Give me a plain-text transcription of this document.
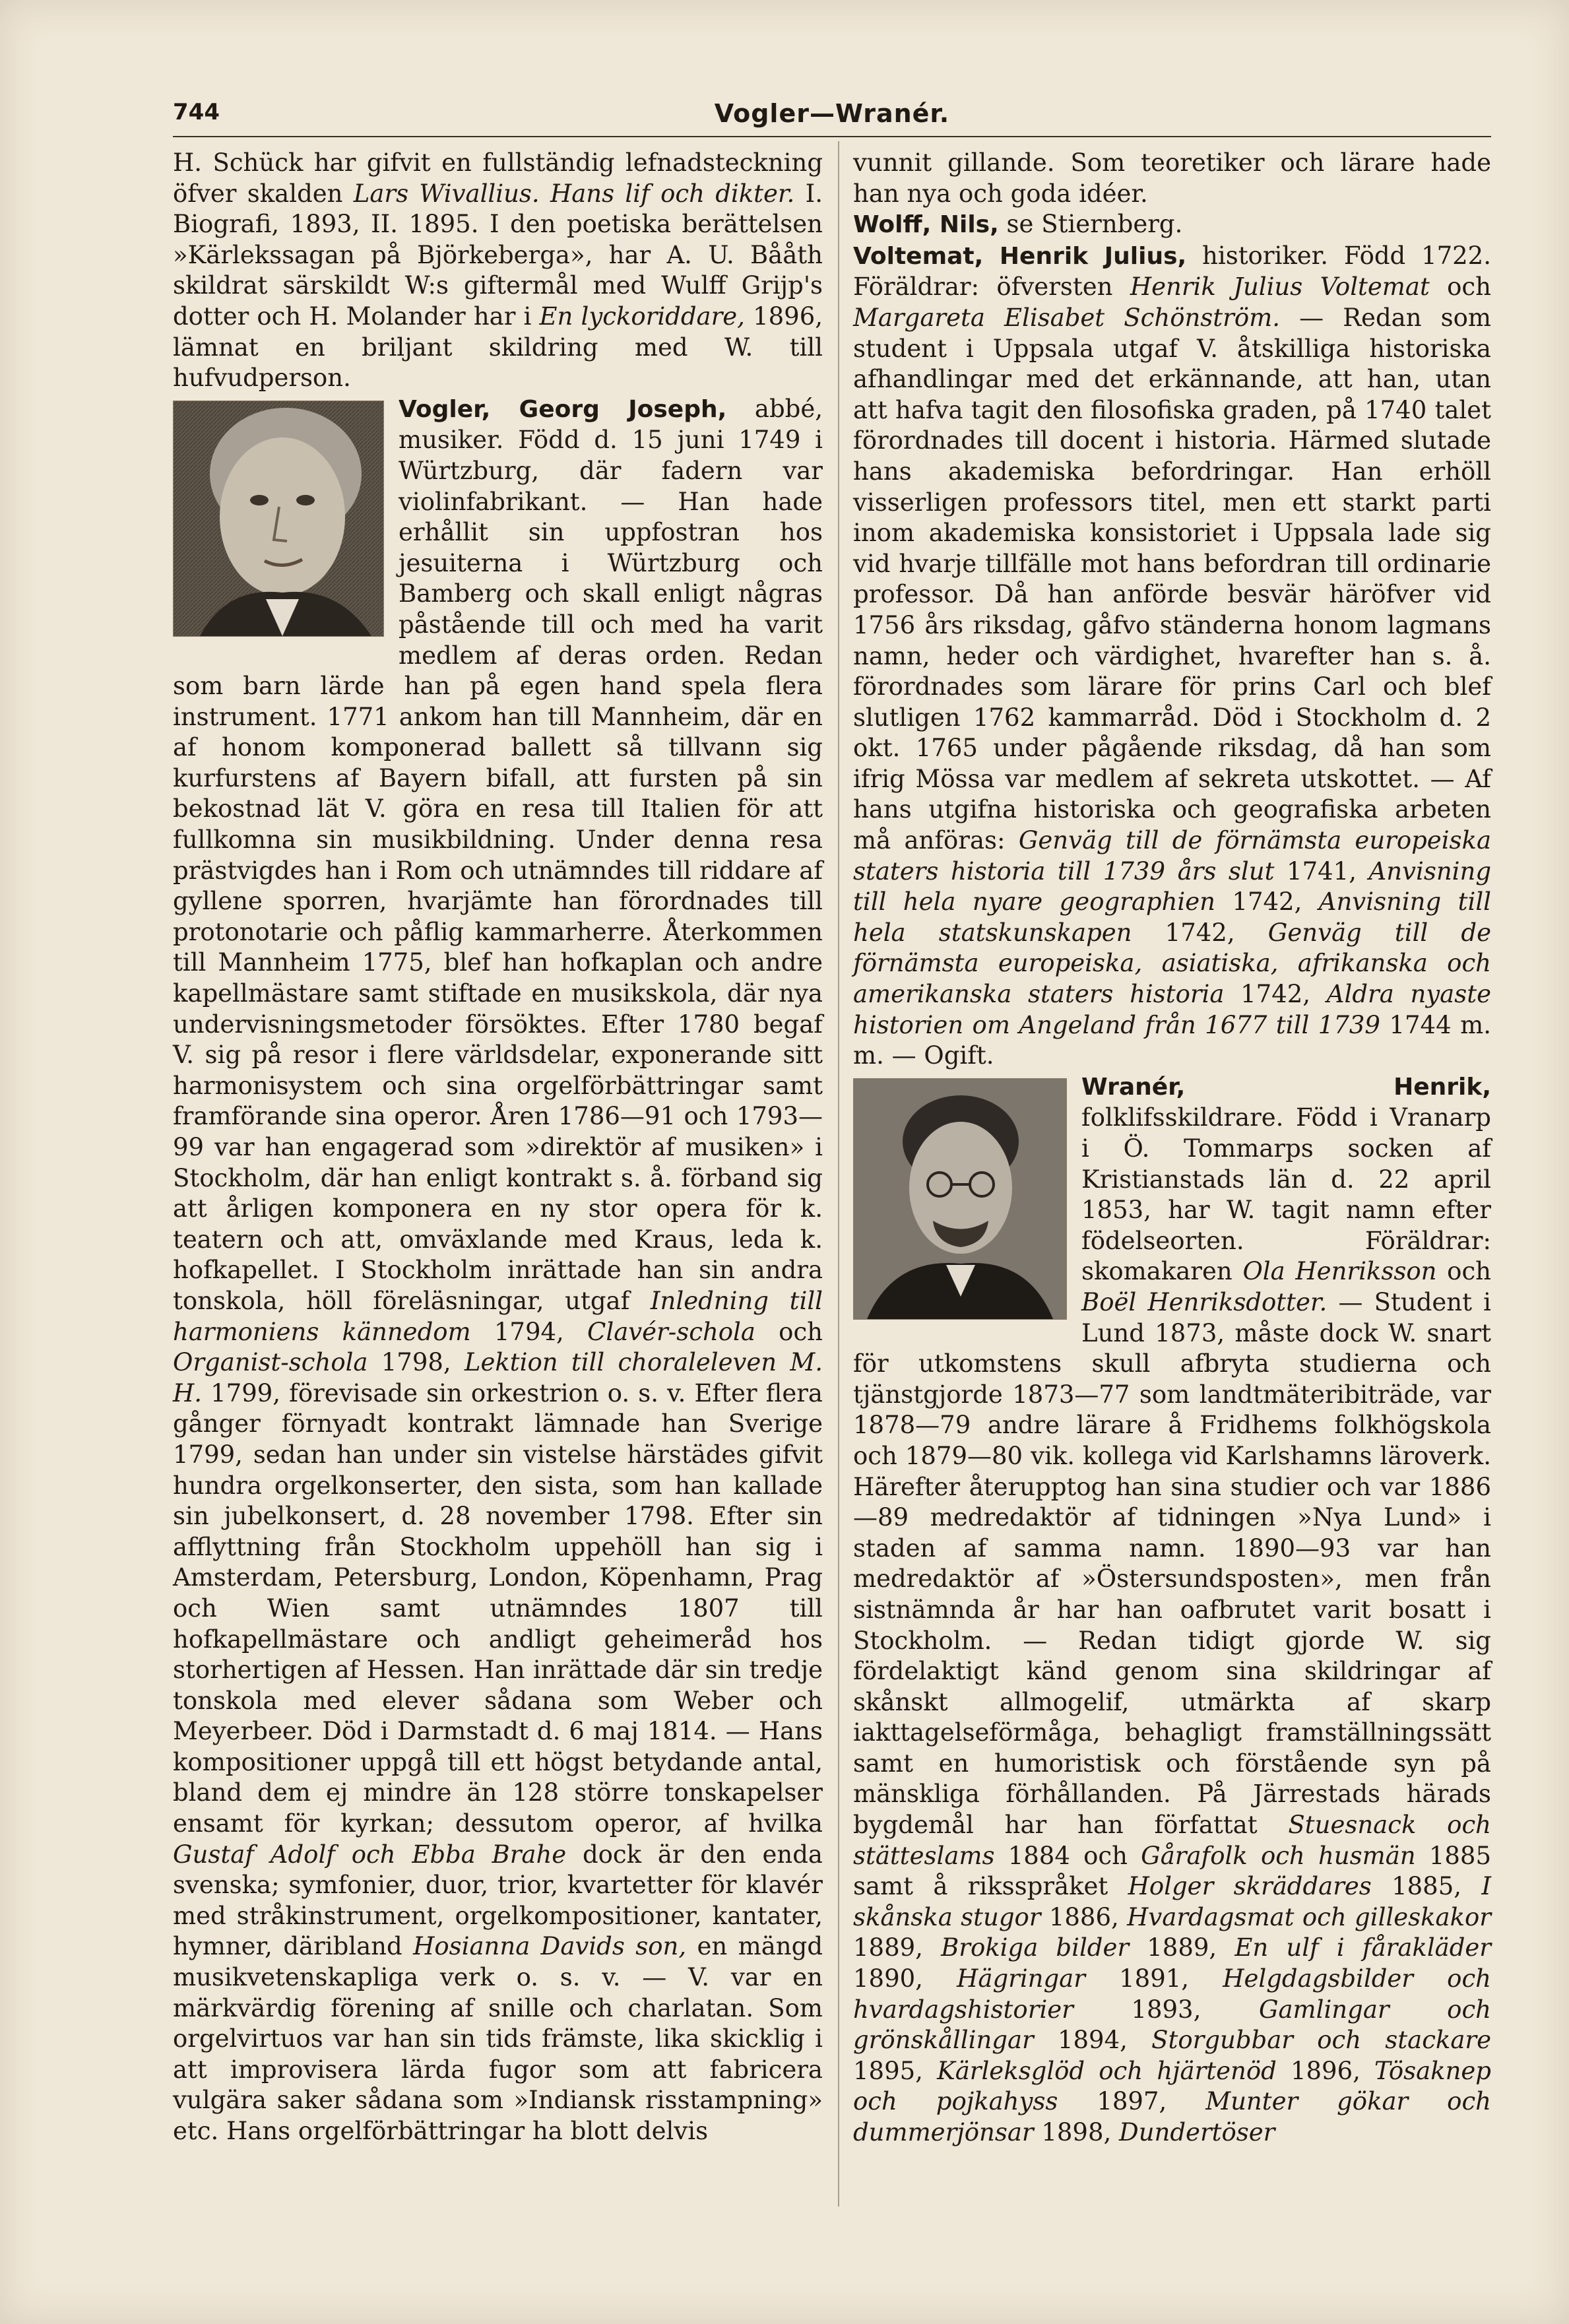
744	Vogler—Wranér.

H. Schück har gifvit en fullständig lefnadsteckning öfver skalden Lars Wivallius. Hans lif och dikter. I. Biografi, 1893, II. 1895. I den poetiska berättelsen »Kärlekssagan på Björkeberga», har A. U. Bååth skildrat särskildt W:s giftermål med Wulff Grijp's dotter och H. Molander har i En lyckoriddare, 1896, lämnat en briljant skildring med W. till hufvudperson.

Vogler, Georg Joseph,
abbé, musiker. Född d. 15 juni 1749 i Würtzburg, där fadern var violinfabrikant. — Han hade erhållit sin uppfostran hos jesuiterna i Würtzburg och Bamberg och skall enligt någras påstående till och med ha varit medlem af deras orden. Redan som barn lärde han på egen hand spela flera instrument. 1771 ankom han till Mannheim, där en af honom komponerad ballett så tillvann sig kurfurstens af Bayern bifall, att fursten på sin bekostnad lät V. göra en resa till Italien för att fullkomna sin musikbildning. Under denna resa prästvigdes han i Rom och utnämndes till riddare af gyllene sporren, hvarjämte han förordnades till protonotarie och påflig kammarherre. Återkommen till Mannheim 1775, blef han hofkaplan och andre kapellmästare samt stiftade en musikskola, där nya undervisningsmetoder försöktes. Efter 1780 begaf V. sig på resor i flere världsdelar, exponerande sitt harmonisystem och sina orgelförbättringar samt framförande sina operor. Åren 1786—91 och 1793—99 var han engagerad som »direktör af musiken» i Stockholm, där han enligt kontrakt s. å. förband sig att årligen komponera en ny stor opera för k. teatern och att, omväxlande med Kraus, leda k. hofkapellet. I Stockholm inrättade han sin andra tonskola, höll föreläsningar, utgaf Inledning till harmoniens kännedom 1794, Clavér-schola och Organist-schola 1798, Lektion till choraleleven M. H. 1799, förevisade sin orkestrion o. s. v. Efter flera gånger förnyadt kontrakt lämnade han Sverige 1799, sedan han under sin vistelse härstädes gifvit hundra orgelkonserter, den sista, som han kallade sin jubelkonsert, d. 28 november 1798. Efter sin afflyttning från Stockholm uppehöll han sig i Amsterdam, Petersburg, London, Köpenhamn, Prag och Wien samt utnämndes 1807 till hofkapellmästare och andligt geheimeråd hos storhertigen af Hessen. Han inrättade där sin tredje tonskola med elever sådana som Weber och Meyerbeer. Död i Darmstadt d. 6 maj 1814. — Hans kompositioner uppgå till ett högst betydande antal, bland dem ej mindre än 128 större tonskapelser ensamt för kyrkan; dessutom operor, af hvilka Gustaf Adolf och Ebba Brahe dock är den enda svenska; symfonier, duor, trior, kvartetter för klavér med stråkinstrument, orgelkompositioner, kantater, hymner, däribland Hosianna Davids son, en mängd musikvetenskapliga verk o. s. v. — V. var en märkvärdig förening af snille och charlatan. Som orgelvirtuos var han sin tids främste, lika skicklig i att improvisera lärda fugor som att fabricera vulgära saker sådana som »Indiansk risstampning» etc. Hans orgelförbättringar ha blott delvis

vunnit gillande. Som teoretiker och lärare hade han nya och goda idéer.

Wolff, Nils, se Stiernberg.

Voltemat, Henrik Julius, historiker. Född 1722. Föräldrar: öfversten Henrik Julius Voltemat och Margareta Elisabet Schönström. — Redan som student i Uppsala utgaf V. åtskilliga historiska afhandlingar med det erkännande, att han, utan att hafva tagit den filosofiska graden, på 1740 talet förordnades till docent i historia. Härmed slutade hans akademiska befordringar. Han erhöll visserligen professors titel, men ett starkt parti inom akademiska konsistoriet i Uppsala lade sig vid hvarje tillfälle mot hans befordran till ordinarie professor. Då han anförde besvär häröfver vid 1756 års riksdag, gåfvo ständerna honom lagmans namn, heder och värdighet, hvarefter han s. å. förordnades som lärare för prins Carl och blef slutligen 1762 kammarråd. Död i Stockholm d. 2 okt. 1765 under pågående riksdag, då han som ifrig Mössa var medlem af sekreta utskottet. — Af hans utgifna historiska och geografiska arbeten må anföras: Genväg till de förnämsta europeiska staters historia till 1739 års slut 1741, Anvisning till hela nyare geographien 1742, Anvisning till hela statskunskapen 1742, Genväg till de förnämsta europeiska, asiatiska, afrikanska och amerikanska staters historia 1742, Aldra nyaste historien om Angeland från 1677 till 1739 1744 m. m. — Ogift.

Wranér, Henrik,
folklifsskildrare. Född i Vranarp i Ö. Tommarps socken af Kristianstads län d. 22 april 1853, har W. tagit namn efter födelseorten. Föräldrar: skomakaren Ola Henriksson och Boël Henriksdotter. — Student i Lund 1873, måste dock W. snart för utkomstens skull afbryta studierna och tjänstgjorde 1873—77 som landtmäteribiträde, var 1878—79 andre lärare å Fridhems folkhögskola och 1879—80 vik. kollega vid Karlshamns läroverk. Härefter återupptog han sina studier och var 1886—89 medredaktör af tidningen »Nya Lund» i staden af samma namn. 1890—93 var han medredaktör af »Östersundsposten», men från sistnämnda år har han oafbrutet varit bosatt i Stockholm. — Redan tidigt gjorde W. sig fördelaktigt känd genom sina skildringar af skånskt allmogelif, utmärkta af skarp iakttagelseförmåga, behagligt framställningssätt samt en humoristisk och förstående syn på mänskliga förhållanden. På Järrestads härads bygdemål har han författat Stuesnack och stätteslams 1884 och Gårafolk och husmän 1885 samt å riksspråket Holger skräddares 1885, I skånska stugor 1886, Hvardagsmat och gilleskakor 1889, Brokiga bilder 1889, En ulf i fårakläder 1890, Hägringar 1891, Helgdagsbilder och hvardagshistorier 1893, Gamlingar och grönskållingar 1894, Storgubbar och stackare 1895, Kärleksglöd och hjärtenöd 1896, Tösaknep och pojkahyss 1897, Munter gökar och dummerjönsar 1898, Dundertöser
